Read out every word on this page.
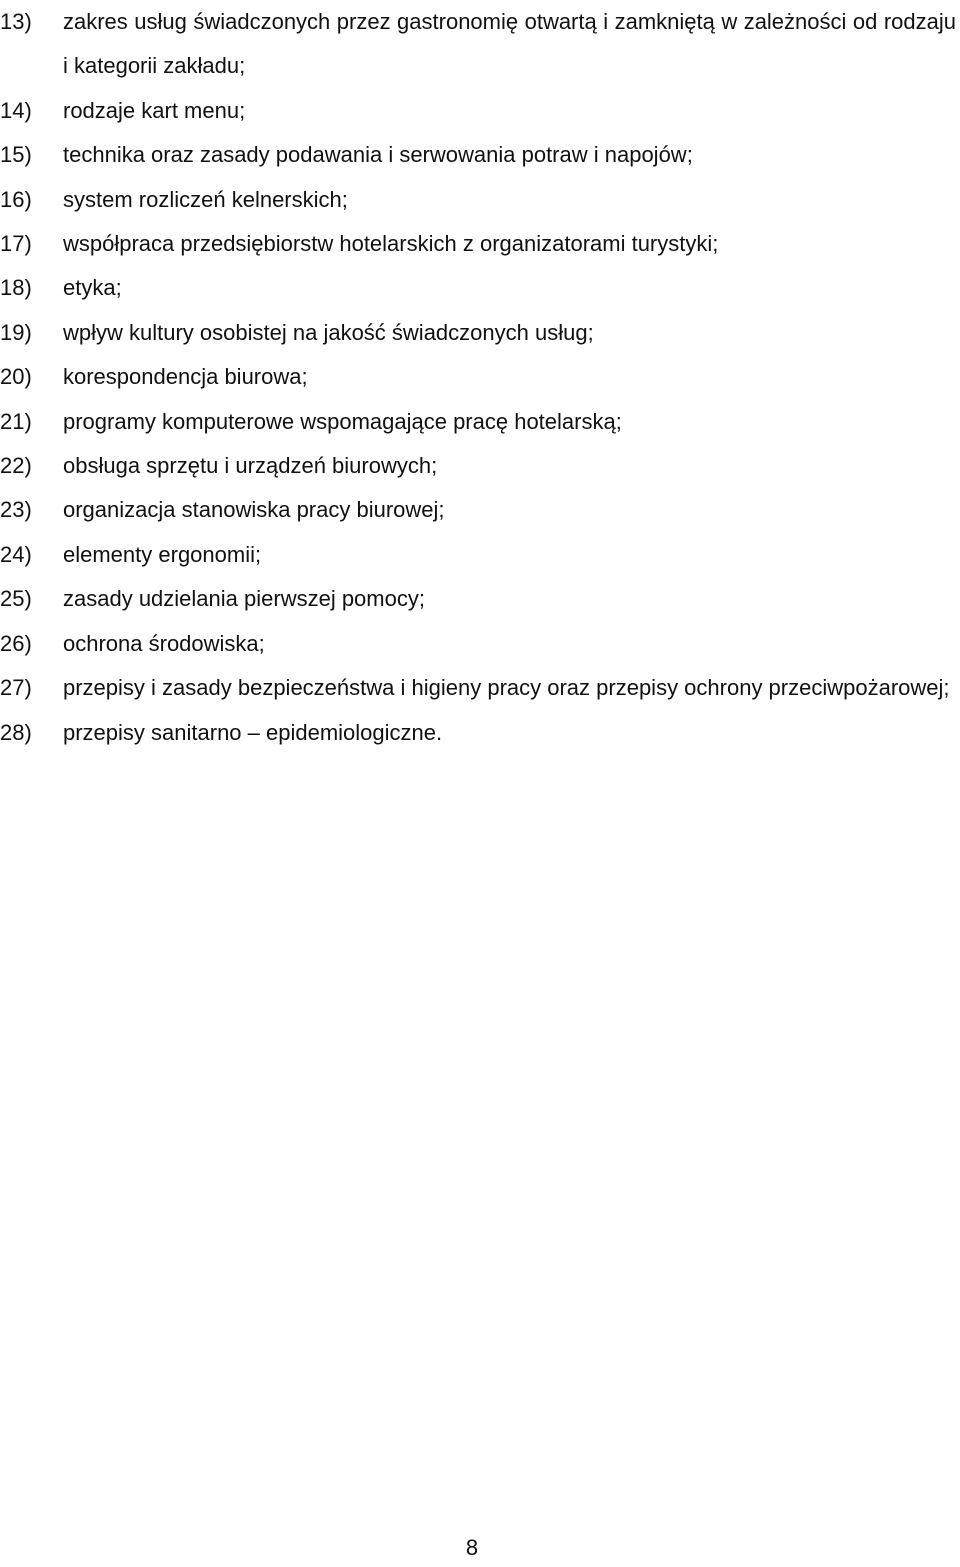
13)	zakres usług świadczonych przez gastronomię otwartą i zamkniętą w zależności od rodzaju i kategorii zakładu;
14)	rodzaje kart menu;
15)	technika oraz zasady podawania i serwowania potraw i napojów;
16)	system rozliczeń kelnerskich;
17)	współpraca przedsiębiorstw hotelarskich z organizatorami turystyki;
18)	etyka;
19)	wpływ kultury osobistej na jakość świadczonych usług;
20)	korespondencja biurowa;
21)	programy komputerowe wspomagające pracę hotelarską;
22)	obsługa sprzętu i urządzeń biurowych;
23)	organizacja stanowiska pracy biurowej;
24)	elementy ergonomii;
25)	zasady udzielania pierwszej pomocy;
26)	ochrona środowiska;
27)	przepisy i zasady bezpieczeństwa i higieny pracy oraz przepisy ochrony przeciwpożarowej;
28)	przepisy sanitarno – epidemiologiczne.
8
